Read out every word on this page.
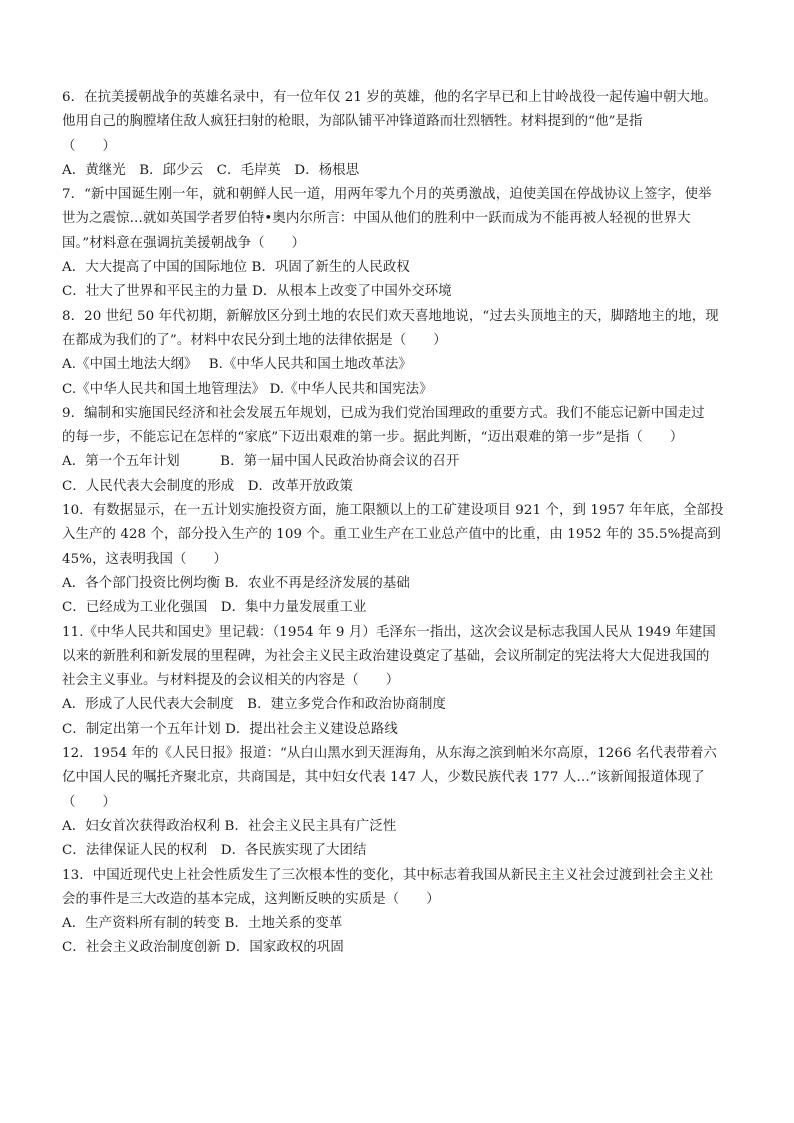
6．在抗美援朝战争的英雄名录中，有一位年仅 21 岁的英雄，他的名字早已和上甘岭战役一起传遍中朝大地。
他用自己的胸膛堵住敌人疯狂扫射的枪眼，为部队铺平冲锋道路而壮烈牺牲。材料提到的“他”是指
（　　）
A．黄继光　B．邱少云　C．毛岸英　D．杨根思
7．“新中国诞生刚一年，就和朝鲜人民一道，用两年零九个月的英勇激战，迫使美国在停战协议上签字，使举
世为之震惊…就如英国学者罗伯特•奥内尔所言：中国从他们的胜利中一跃而成为不能再被人轻视的世界大
国。”材料意在强调抗美援朝战争（　　）
A．大大提高了中国的国际地位 B．巩固了新生的人民政权
C．壮大了世界和平民主的力量 D．从根本上改变了中国外交环境
8．20 世纪 50 年代初期，新解放区分到土地的农民们欢天喜地地说，“过去头顶地主的天，脚踏地主的地，现
在都成为我们的了”。材料中农民分到土地的法律依据是（　　）
A.《中国土地法大纲》　 B.《中华人民共和国土地改革法》
C.《中华人民共和国土地管理法》 D.《中华人民共和国宪法》
9．编制和实施国民经济和社会发展五年规划，已成为我们党治国理政的重要方式。我们不能忘记新中国走过
的每一步，不能忘记在怎样的“家底”下迈出艰难的第一步。据此判断，“迈出艰难的第一步”是指（　　）
A．第一个五年计划　　　B．第一届中国人民政治协商会议的召开
C．人民代表大会制度的形成　D．改革开放政策
10．有数据显示，在一五计划实施投资方面，施工限额以上的工矿建设项目 921 个，到 1957 年年底，全部投
入生产的 428 个，部分投入生产的 109 个。重工业生产在工业总产值中的比重，由 1952 年的 35.5%提高到
45%，这表明我国（　　）
A．各个部门投资比例均衡 B．农业不再是经济发展的基础
C．已经成为工业化强国　D．集中力量发展重工业
11.《中华人民共和国史》里记载：（1954 年 9 月）毛泽东一指出，这次会议是标志我国人民从 1949 年建国
以来的新胜利和新发展的里程碑，为社会主义民主政治建设奠定了基础，会议所制定的宪法将大大促进我国的
社会主义事业。与材料提及的会议相关的内容是（　　）
A．形成了人民代表大会制度　B．建立多党合作和政治协商制度
C．制定出第一个五年计划 D．提出社会主义建设总路线
12．1954 年的《人民日报》报道：“从白山黑水到天涯海角，从东海之滨到帕米尔高原，1266 名代表带着六
亿中国人民的嘱托齐聚北京，共商国是，其中妇女代表 147 人，少数民族代表 177 人…”该新闻报道体现了
（　　）
A．妇女首次获得政治权利 B．社会主义民主具有广泛性
C．法律保证人民的权利　D．各民族实现了大团结
13．中国近现代史上社会性质发生了三次根本性的变化，其中标志着我国从新民主主义社会过渡到社会主义社
会的事件是三大改造的基本完成，这判断反映的实质是（　　）
A．生产资料所有制的转变 B．土地关系的变革
C．社会主义政治制度创新 D．国家政权的巩固
